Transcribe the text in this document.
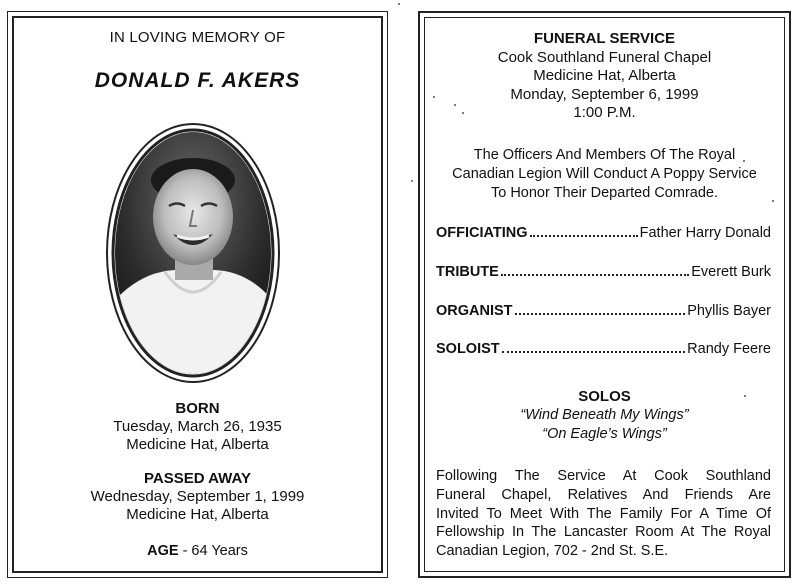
IN LOVING MEMORY OF
DONALD F. AKERS
BORN
Tuesday, March 26, 1935
Medicine Hat, Alberta
PASSED AWAY
Wednesday, September 1, 1999
Medicine Hat, Alberta
AGE - 64 Years
FUNERAL SERVICE
Cook Southland Funeral Chapel
Medicine Hat, Alberta
Monday, September 6, 1999
1:00 P.M.
The Officers And Members Of The Royal
Canadian Legion Will Conduct A Poppy Service
To Honor Their Departed Comrade.
OFFICIATING	Father Harry Donald
TRIBUTE	Everett Burk
ORGANIST	Phyllis Bayer
SOLOIST	Randy Feere
SOLOS
“Wind Beneath My Wings”
“On Eagle’s Wings”
Following The Service At Cook Southland
Funeral Chapel, Relatives And Friends Are
Invited To Meet With The Family For A Time Of
Fellowship In The Lancaster Room At The Royal
Canadian Legion, 702 - 2nd St. S.E.
